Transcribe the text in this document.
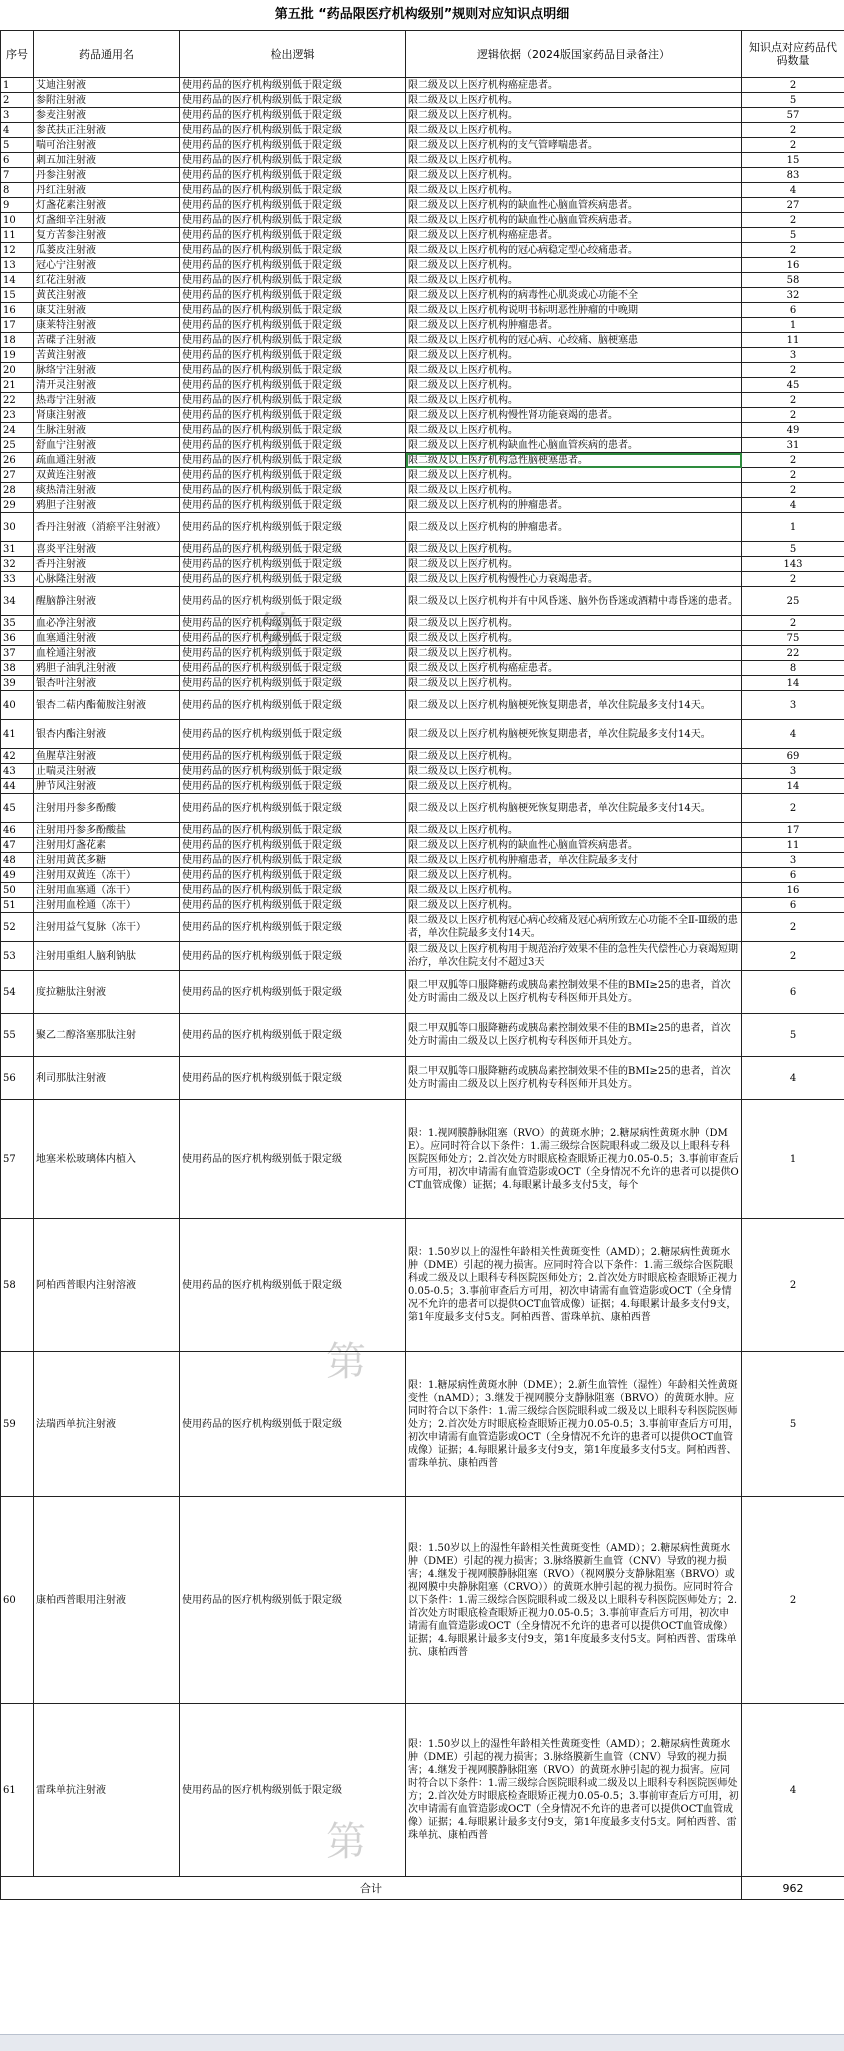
第五批 “药品限医疗机构级别”规则对应知识点明细
序号	药品通用名	检出逻辑	逻辑依据（2024版国家药品目录备注）	知识点对应药品代码数量
1	艾迪注射液	使用药品的医疗机构级别低于限定级	限二级及以上医疗机构癌症患者。	2
2	参附注射液	使用药品的医疗机构级别低于限定级	限二级及以上医疗机构。	5
3	参麦注射液	使用药品的医疗机构级别低于限定级	限二级及以上医疗机构。	57
4	参芪扶正注射液	使用药品的医疗机构级别低于限定级	限二级及以上医疗机构。	2
5	喘可治注射液	使用药品的医疗机构级别低于限定级	限二级及以上医疗机构的支气管哮喘患者。	2
6	刺五加注射液	使用药品的医疗机构级别低于限定级	限二级及以上医疗机构。	15
7	丹参注射液	使用药品的医疗机构级别低于限定级	限二级及以上医疗机构。	83
8	丹红注射液	使用药品的医疗机构级别低于限定级	限二级及以上医疗机构。	4
9	灯盏花素注射液	使用药品的医疗机构级别低于限定级	限二级及以上医疗机构的缺血性心脑血管疾病患者。	27
10	灯盏细辛注射液	使用药品的医疗机构级别低于限定级	限二级及以上医疗机构的缺血性心脑血管疾病患者。	2
11	复方苦参注射液	使用药品的医疗机构级别低于限定级	限二级及以上医疗机构癌症患者。	5
12	瓜蒌皮注射液	使用药品的医疗机构级别低于限定级	限二级及以上医疗机构的冠心病稳定型心绞痛患者。	2
13	冠心宁注射液	使用药品的医疗机构级别低于限定级	限二级及以上医疗机构。	16
14	红花注射液	使用药品的医疗机构级别低于限定级	限二级及以上医疗机构。	58
15	黄芪注射液	使用药品的医疗机构级别低于限定级	限二级及以上医疗机构的病毒性心肌炎或心功能不全	32
16	康艾注射液	使用药品的医疗机构级别低于限定级	限二级及以上医疗机构说明书标明恶性肿瘤的中晚期	6
17	康莱特注射液	使用药品的医疗机构级别低于限定级	限二级及以上医疗机构肿瘤患者。	1
18	苦碟子注射液	使用药品的医疗机构级别低于限定级	限二级及以上医疗机构的冠心病、心绞痛、脑梗塞患	11
19	苦黄注射液	使用药品的医疗机构级别低于限定级	限二级及以上医疗机构。	3
20	脉络宁注射液	使用药品的医疗机构级别低于限定级	限二级及以上医疗机构。	2
21	清开灵注射液	使用药品的医疗机构级别低于限定级	限二级及以上医疗机构。	45
22	热毒宁注射液	使用药品的医疗机构级别低于限定级	限二级及以上医疗机构。	2
23	肾康注射液	使用药品的医疗机构级别低于限定级	限二级及以上医疗机构慢性肾功能衰竭的患者。	2
24	生脉注射液	使用药品的医疗机构级别低于限定级	限二级及以上医疗机构。	49
25	舒血宁注射液	使用药品的医疗机构级别低于限定级	限二级及以上医疗机构缺血性心脑血管疾病的患者。	31
26	疏血通注射液	使用药品的医疗机构级别低于限定级	限二级及以上医疗机构急性脑梗塞患者。	2
27	双黄连注射液	使用药品的医疗机构级别低于限定级	限二级及以上医疗机构。	2
28	痰热清注射液	使用药品的医疗机构级别低于限定级	限二级及以上医疗机构。	2
29	鸦胆子注射液	使用药品的医疗机构级别低于限定级	限二级及以上医疗机构的肿瘤患者。	4
30	香丹注射液（消瘀平注射液）	使用药品的医疗机构级别低于限定级	限二级及以上医疗机构的肿瘤患者。	1
31	喜炎平注射液	使用药品的医疗机构级别低于限定级	限二级及以上医疗机构。	5
32	香丹注射液	使用药品的医疗机构级别低于限定级	限二级及以上医疗机构。	143
33	心脉隆注射液	使用药品的医疗机构级别低于限定级	限二级及以上医疗机构慢性心力衰竭患者。	2
34	醒脑静注射液	使用药品的医疗机构级别低于限定级	限二级及以上医疗机构并有中风昏迷、脑外伤昏迷或酒精中毒昏迷的患者。	25
35	血必净注射液	使用药品的医疗机构级别低于限定级	限二级及以上医疗机构。	2
36	血塞通注射液	使用药品的医疗机构级别低于限定级	限二级及以上医疗机构。	75
37	血栓通注射液	使用药品的医疗机构级别低于限定级	限二级及以上医疗机构。	22
38	鸦胆子油乳注射液	使用药品的医疗机构级别低于限定级	限二级及以上医疗机构癌症患者。	8
39	银杏叶注射液	使用药品的医疗机构级别低于限定级	限二级及以上医疗机构。	14
40	银杏二萜内酯葡胺注射液	使用药品的医疗机构级别低于限定级	限二级及以上医疗机构脑梗死恢复期患者，单次住院最多支付14天。	3
41	银杏内酯注射液	使用药品的医疗机构级别低于限定级	限二级及以上医疗机构脑梗死恢复期患者，单次住院最多支付14天。	4
42	鱼腥草注射液	使用药品的医疗机构级别低于限定级	限二级及以上医疗机构。	69
43	止喘灵注射液	使用药品的医疗机构级别低于限定级	限二级及以上医疗机构。	3
44	肿节风注射液	使用药品的医疗机构级别低于限定级	限二级及以上医疗机构。	14
45	注射用丹参多酚酸	使用药品的医疗机构级别低于限定级	限二级及以上医疗机构脑梗死恢复期患者，单次住院最多支付14天。	2
46	注射用丹参多酚酸盐	使用药品的医疗机构级别低于限定级	限二级及以上医疗机构。	17
47	注射用灯盏花素	使用药品的医疗机构级别低于限定级	限二级及以上医疗机构的缺血性心脑血管疾病患者。	11
48	注射用黄芪多糖	使用药品的医疗机构级别低于限定级	限二级及以上医疗机构肿瘤患者，单次住院最多支付	3
49	注射用双黄连（冻干）	使用药品的医疗机构级别低于限定级	限二级及以上医疗机构。	6
50	注射用血塞通（冻干）	使用药品的医疗机构级别低于限定级	限二级及以上医疗机构。	16
51	注射用血栓通（冻干）	使用药品的医疗机构级别低于限定级	限二级及以上医疗机构。	6
52	注射用益气复脉（冻干）	使用药品的医疗机构级别低于限定级	限二级及以上医疗机构冠心病心绞痛及冠心病所致左心功能不全Ⅱ-Ⅲ级的患者，单次住院最多支付14天。	2
53	注射用重组人脑利钠肽	使用药品的医疗机构级别低于限定级	限二级及以上医疗机构用于规范治疗效果不佳的急性失代偿性心力衰竭短期治疗，单次住院支付不超过3天	2
54	度拉糖肽注射液	使用药品的医疗机构级别低于限定级	限二甲双胍等口服降糖药或胰岛素控制效果不佳的BMI≥25的患者，首次处方时需由二级及以上医疗机构专科医师开具处方。	6
55	聚乙二醇洛塞那肽注射	使用药品的医疗机构级别低于限定级	限二甲双胍等口服降糖药或胰岛素控制效果不佳的BMI≥25的患者，首次处方时需由二级及以上医疗机构专科医师开具处方。	5
56	利司那肽注射液	使用药品的医疗机构级别低于限定级	限二甲双胍等口服降糖药或胰岛素控制效果不佳的BMI≥25的患者，首次处方时需由二级及以上医疗机构专科医师开具处方。	4
57	地塞米松玻璃体内植入	使用药品的医疗机构级别低于限定级	限：1.视网膜静脉阻塞（RVO）的黄斑水肿；2.糖尿病性黄斑水肿（DME）。应同时符合以下条件：1.需三级综合医院眼科或二级及以上眼科专科医院医师处方；2.首次处方时眼底检查眼矫正视力0.05-0.5；3.事前审查后方可用，初次申请需有血管造影或OCT（全身情况不允许的患者可以提供OCT血管成像）证据；4.每眼累计最多支付5支，每个	1
58	阿柏西普眼内注射溶液	使用药品的医疗机构级别低于限定级	限：1.50岁以上的湿性年龄相关性黄斑变性（AMD）；2.糖尿病性黄斑水肿（DME）引起的视力损害。应同时符合以下条件：1.需三级综合医院眼科或二级及以上眼科专科医院医师处方；2.首次处方时眼底检查眼矫正视力0.05-0.5；3.事前审查后方可用，初次申请需有血管造影或OCT（全身情况不允许的患者可以提供OCT血管成像）证据；4.每眼累计最多支付9支，第1年度最多支付5支。阿柏西普、雷珠单抗、康柏西普	2
59	法瑞西单抗注射液	使用药品的医疗机构级别低于限定级	限：1.糖尿病性黄斑水肿（DME）；2.新生血管性（湿性）年龄相关性黄斑变性（nAMD）；3.继发于视网膜分支静脉阻塞（BRVO）的黄斑水肿。应同时符合以下条件：1.需三级综合医院眼科或二级及以上眼科专科医院医师处方；2.首次处方时眼底检查眼矫正视力0.05-0.5；3.事前审查后方可用，初次申请需有血管造影或OCT（全身情况不允许的患者可以提供OCT血管成像）证据；4.每眼累计最多支付9支，第1年度最多支付5支。阿柏西普、雷珠单抗、康柏西普	5
60	康柏西普眼用注射液	使用药品的医疗机构级别低于限定级	限：1.50岁以上的湿性年龄相关性黄斑变性（AMD）；2.糖尿病性黄斑水肿（DME）引起的视力损害；3.脉络膜新生血管（CNV）导致的视力损害；4.继发于视网膜静脉阻塞（RVO）（视网膜分支静脉阻塞（BRVO）或视网膜中央静脉阻塞（CRVO））的黄斑水肿引起的视力损伤。应同时符合以下条件：1.需三级综合医院眼科或二级及以上眼科专科医院医师处方；2.首次处方时眼底检查眼矫正视力0.05-0.5；3.事前审查后方可用，初次申请需有血管造影或OCT（全身情况不允许的患者可以提供OCT血管成像）证据；4.每眼累计最多支付9支，第1年度最多支付5支。阿柏西普、雷珠单抗、康柏西普	2
61	雷珠单抗注射液	使用药品的医疗机构级别低于限定级	限：1.50岁以上的湿性年龄相关性黄斑变性（AMD）；2.糖尿病性黄斑水肿（DME）引起的视力损害；3.脉络膜新生血管（CNV）导致的视力损害；4.继发于视网膜静脉阻塞（RVO）的黄斑水肿引起的视力损害。应同时符合以下条件：1.需三级综合医院眼科或二级及以上眼科专科医院医师处方；2.首次处方时眼底检查眼矫正视力0.05-0.5；3.事前审查后方可用，初次申请需有血管造影或OCT（全身情况不允许的患者可以提供OCT血管成像）证据；4.每眼累计最多支付9支，第1年度最多支付5支。阿柏西普、雷珠单抗、康柏西普	4
合计				962
第
第
第
